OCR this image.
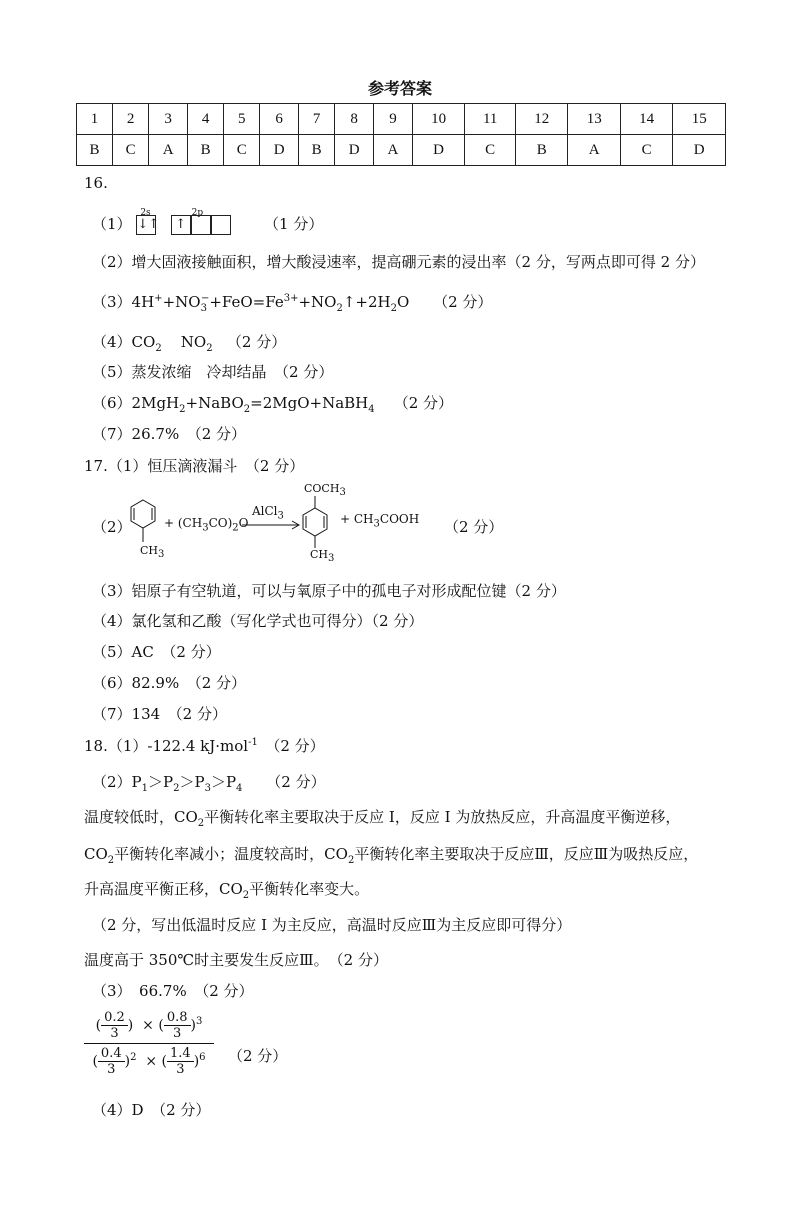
参考答案
1	2	3	4	5	6	7	8	9	10	11	12	13	14	15
B	C	A	B	C	D	B	D	A	D	C	B	A	C	D
16.
（1）
2s
↓↑
2p
↑	（1 分）
（2）增大固液接触面积，增大酸浸速率，提高硼元素的浸出率（2 分，写两点即可得 2 分）
$(3)4H^++NO_3^-+FeO=Fe^{3+}+NO_2↑+2H_2O$ （2 分）
$(4)CO_2$ $NO_2$ （2 分）
（5）蒸发浓缩　冷却结晶　（2 分）
（6）2MgH$_2$+NaBO$_2$=2MgO+NaBH$_4$ （2 分）
（7）26.7%　（2 分）
17.（1）恒压滴液漏斗　（2 分）
（2）
$CH_3$
+ $(CH_3CO)_2O$
AlCl$_3$
$COCH_3$
$CH_3$
+ $CH_3COOH$ （2 分）
（3）铝原子有空轨道，可以与氧原子中的孤电子对形成配位键（2 分）
（4）氯化氢和乙酸（写化学式也可得分）（2 分）
（5）AC　（2 分）
（6）82.9%　（2 分）
（7）134　（2 分）
18.（1）-122.4 kJ·mol$^{-1}$　（2 分）
$(2)P_1>P_2>P_3>P_4$ （2 分）
温度较低时，$CO_2$平衡转化率主要取决于反应 I，反应 I 为放热反应，升高温度平衡逆移，
$CO_2$平衡转化率减小；温度较高时，$CO_2$平衡转化率主要取决于反应Ⅲ，反应Ⅲ为吸热反应，
升高温度平衡正移，$CO_2$平衡转化率变大。
（2 分，写出低温时反应 I 为主反应，高温时反应Ⅲ为主反应即可得分）
温度高于 350℃时主要发生反应Ⅲ。　（2 分）
（3）　66.7%　（2 分）
( $\frac{0.2}{3}$ )  × ( $\frac{0.8}{3} )^3$
( $\frac{0.4}{3} )^2$  × ( $\frac{1.4}{3} )^6$	（2 分）
（4）D　（2 分）
